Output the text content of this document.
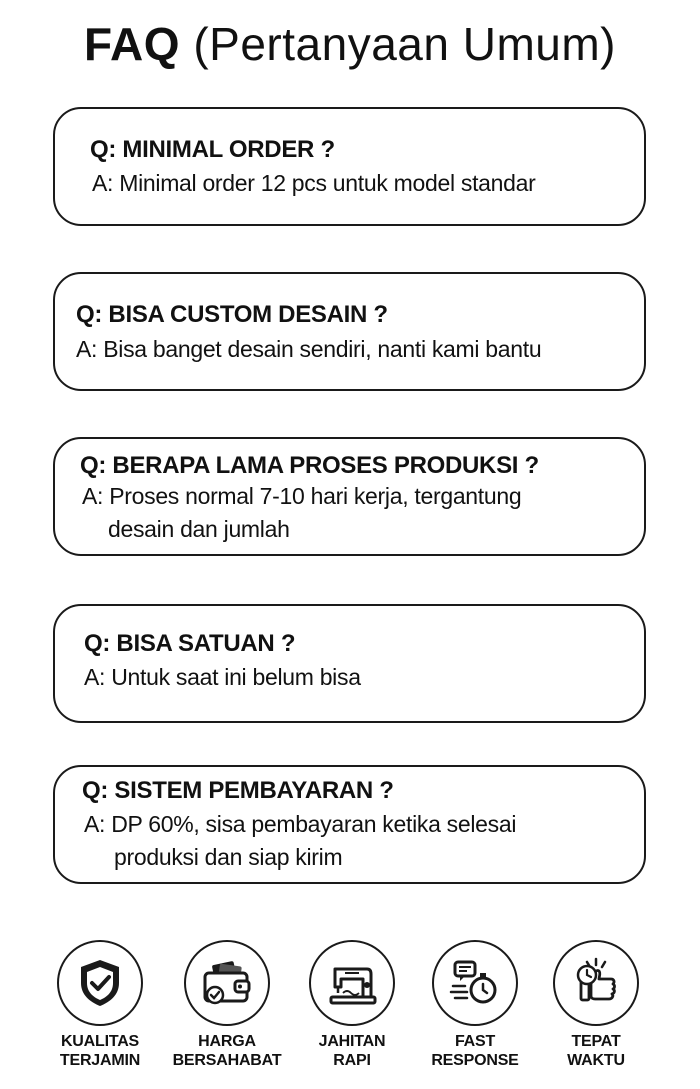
FAQ (Pertanyaan Umum)
Q: MINIMAL ORDER ?
A: Minimal order 12 pcs untuk model standar
Q: BISA CUSTOM DESAIN ?
A: Bisa banget desain sendiri, nanti kami bantu
Q: BERAPA LAMA PROSES PRODUKSI ?
A: Proses normal 7-10 hari kerja, tergantung
desain dan jumlah
Q: BISA SATUAN ?
A: Untuk saat ini belum bisa
Q: SISTEM PEMBAYARAN ?
A: DP 60%, sisa pembayaran ketika selesai
produksi dan siap kirim
KUALITAS
TERJAMIN
HARGA
BERSAHABAT
JAHITAN
RAPI
FAST
RESPONSE
TEPAT
WAKTU
